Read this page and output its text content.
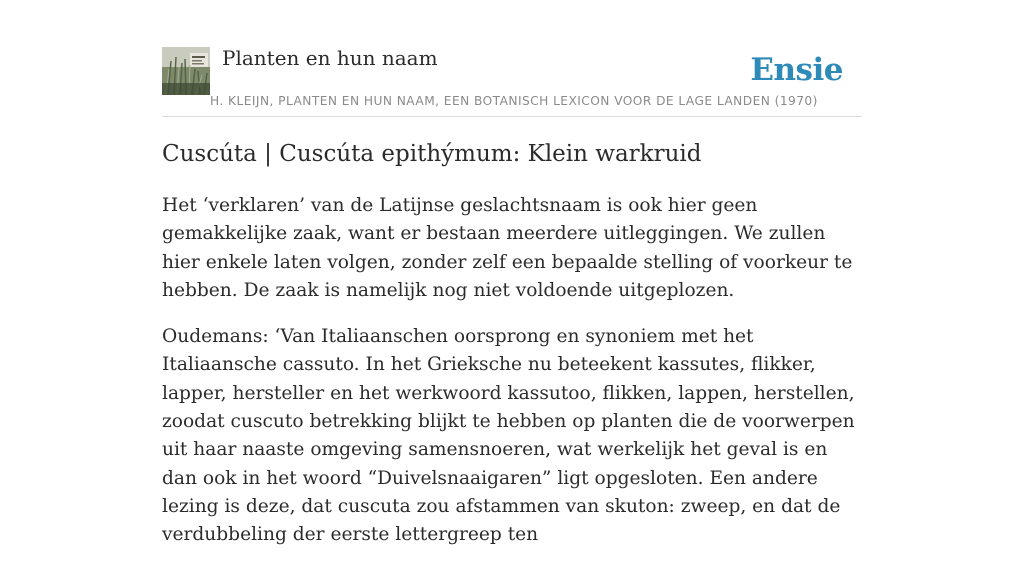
Planten en hun naam	Ensie
H. KLEIJN, PLANTEN EN HUN NAAM, EEN BOTANISCH LEXICON VOOR DE LAGE LANDEN (1970)
Cuscúta | Cuscúta epithýmum: Klein warkruid

Het ‘verklaren’ van de Latijnse geslachtsnaam is ook hier geen gemakkelijke zaak, want er bestaan meerdere uitleggingen. We zullen hier enkele laten volgen, zonder zelf een bepaalde stelling of voorkeur te hebben. De zaak is namelijk nog niet voldoende uitgeplozen.

Oudemans: ‘Van Italiaanschen oorsprong en synoniem met het Italiaansche cassuto. In het Grieksche nu beteekent kassutes, flikker, lapper, hersteller en het werkwoord kassutoo, flikken, lappen, herstellen, zoodat cuscuto betrekking blijkt te hebben op planten die de voorwerpen uit haar naaste omgeving samensnoeren, wat werkelijk het geval is en dan ook in het woord “Duivelsnaaigaren” ligt opgesloten. Een andere lezing is deze, dat cuscuta zou afstammen van skuton: zweep, en dat de verdubbeling der eerste lettergreep ten
